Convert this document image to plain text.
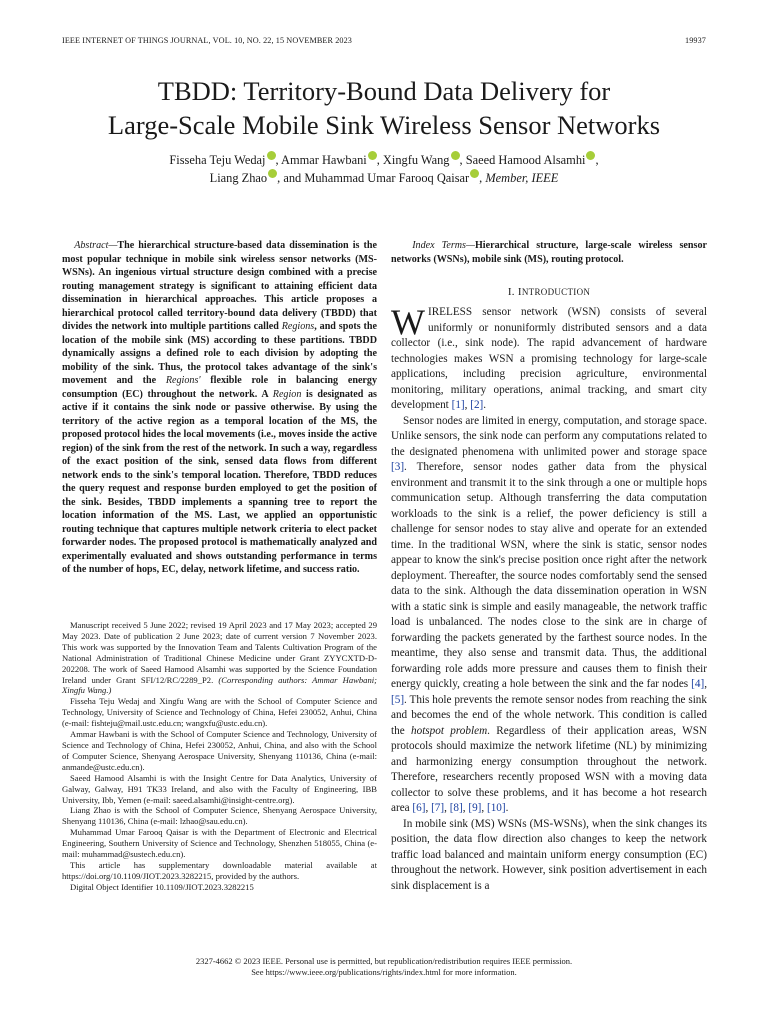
IEEE INTERNET OF THINGS JOURNAL, VOL. 10, NO. 22, 15 NOVEMBER 2023	19937
TBDD: Territory-Bound Data Delivery for
Large-Scale Mobile Sink Wireless Sensor Networks
Fisseha Teju Wedaj , Ammar Hawbani , Xingfu Wang , Saeed Hamood Alsamhi ,
Liang Zhao , and Muhammad Umar Farooq Qaisar , Member, IEEE
Abstract—The hierarchical structure-based data dissemination is the most popular technique in mobile sink wireless sensor networks (MS-WSNs). An ingenious virtual structure design combined with a precise routing management strategy is significant to attaining efficient data dissemination in hierarchical approaches. This article proposes a hierarchical protocol called territory-bound data delivery (TBDD) that divides the network into multiple partitions called Regions, and spots the location of the mobile sink (MS) according to these partitions. TBDD dynamically assigns a defined role to each division by adopting the mobility of the sink. Thus, the protocol takes advantage of the sink's movement and the Regions' flexible role in balancing energy consumption (EC) throughout the network. A Region is designated as active if it contains the sink node or passive otherwise. By using the territory of the active region as a temporal location of the MS, the proposed protocol hides the local movements (i.e., moves inside the active region) of the sink from the rest of the network. In such a way, regardless of the exact position of the sink, sensed data flows from different network ends to the sink's temporal location. Therefore, TBDD reduces the query request and response burden employed to get the position of the sink. Besides, TBDD implements a spanning tree to report the location information of the MS. Last, we applied an opportunistic routing technique that captures multiple network criteria to elect packet forwarder nodes. The proposed protocol is mathematically analyzed and experimentally evaluated and shows outstanding performance in terms of the number of hops, EC, delay, network lifetime, and success ratio.

Manuscript received 5 June 2022; revised 19 April 2023 and 17 May 2023; accepted 29 May 2023. Date of publication 2 June 2023; date of current version 7 November 2023. This work was supported by the Innovation Team and Talents Cultivation Program of the National Administration of Traditional Chinese Medicine under Grant ZYYCXTD-D-202208. The work of Saeed Hamood Alsamhi was supported by the Science Foundation Ireland under Grant SFI/12/RC/2289_P2. (Corresponding authors: Ammar Hawbani; Xingfu Wang.)

Fisseha Teju Wedaj and Xingfu Wang are with the School of Computer Science and Technology, University of Science and Technology of China, Hefei 230052, Anhui, China (e-mail: fishteju@mail.ustc.edu.cn; wangxfu@ustc.edu.cn).

Ammar Hawbani is with the School of Computer Science and Technology, University of Science and Technology of China, Hefei 230052, Anhui, China, and also with the School of Computer Science, Shenyang Aerospace University, Shenyang 110136, China (e-mail: anmande@ustc.edu.cn).

Saeed Hamood Alsamhi is with the Insight Centre for Data Analytics, University of Galway, Galway, H91 TK33 Ireland, and also with the Faculty of Engineering, IBB University, Ibb, Yemen (e-mail: saeed.alsamhi@insight-centre.org).

Liang Zhao is with the School of Computer Science, Shenyang Aerospace University, Shenyang 110136, China (e-mail: lzhao@sau.edu.cn).

Muhammad Umar Farooq Qaisar is with the Department of Electronic and Electrical Engineering, Southern University of Science and Technology, Shenzhen 518055, China (e-mail: muhammad@sustech.edu.cn).

This article has supplementary downloadable material available at https://doi.org/10.1109/JIOT.2023.3282215, provided by the authors.

Digital Object Identifier 10.1109/JIOT.2023.3282215

Index Terms—Hierarchical structure, large-scale wireless sensor networks (WSNs), mobile sink (MS), routing protocol.
I. INTRODUCTION

WIRELESS sensor network (WSN) consists of several uniformly or nonuniformly distributed sensors and a data collector (i.e., sink node). The rapid advancement of hardware technologies makes WSN a promising technology for large-scale applications, including precision agriculture, environmental monitoring, military operations, animal tracking, and smart city development [1], [2].

Sensor nodes are limited in energy, computation, and storage space. Unlike sensors, the sink node can perform any computations related to the designated phenomena with unlimited power and storage space [3]. Therefore, sensor nodes gather data from the physical environment and transmit it to the sink through a one or multiple hops communication setup. Although transferring the data computation workloads to the sink is a relief, the power deficiency is still a challenge for sensor nodes to stay alive and operate for an extended time. In the traditional WSN, where the sink is static, sensor nodes appear to know the sink's precise position once right after the network deployment. Thereafter, the source nodes comfortably send the sensed data to the sink. Although the data dissemination operation in WSN with a static sink is simple and easily manageable, the network traffic load is unbalanced. The nodes close to the sink are in charge of forwarding the packets generated by the farthest source nodes. In the meantime, they also sense and transmit data. Thus, the additional forwarding role adds more pressure and causes them to finish their energy quickly, creating a hole between the sink and the far nodes [4], [5]. This hole prevents the remote sensor nodes from reaching the sink and becomes the end of the whole network. This condition is called the hotspot problem. Regardless of their application areas, WSN protocols should maximize the network lifetime (NL) by minimizing and harmonizing energy consumption throughout the network. Therefore, researchers recently proposed WSN with a moving data collector to solve these problems, and it has become a hot research area [6], [7], [8], [9], [10].

In mobile sink (MS) WSNs (MS-WSNs), when the sink changes its position, the data flow direction also changes to keep the network traffic load balanced and maintain uniform energy consumption (EC) throughout the network. However, sink position advertisement in each sink displacement is a

2327-4662 © 2023 IEEE. Personal use is permitted, but republication/redistribution requires IEEE permission.
See https://www.ieee.org/publications/rights/index.html for more information.
